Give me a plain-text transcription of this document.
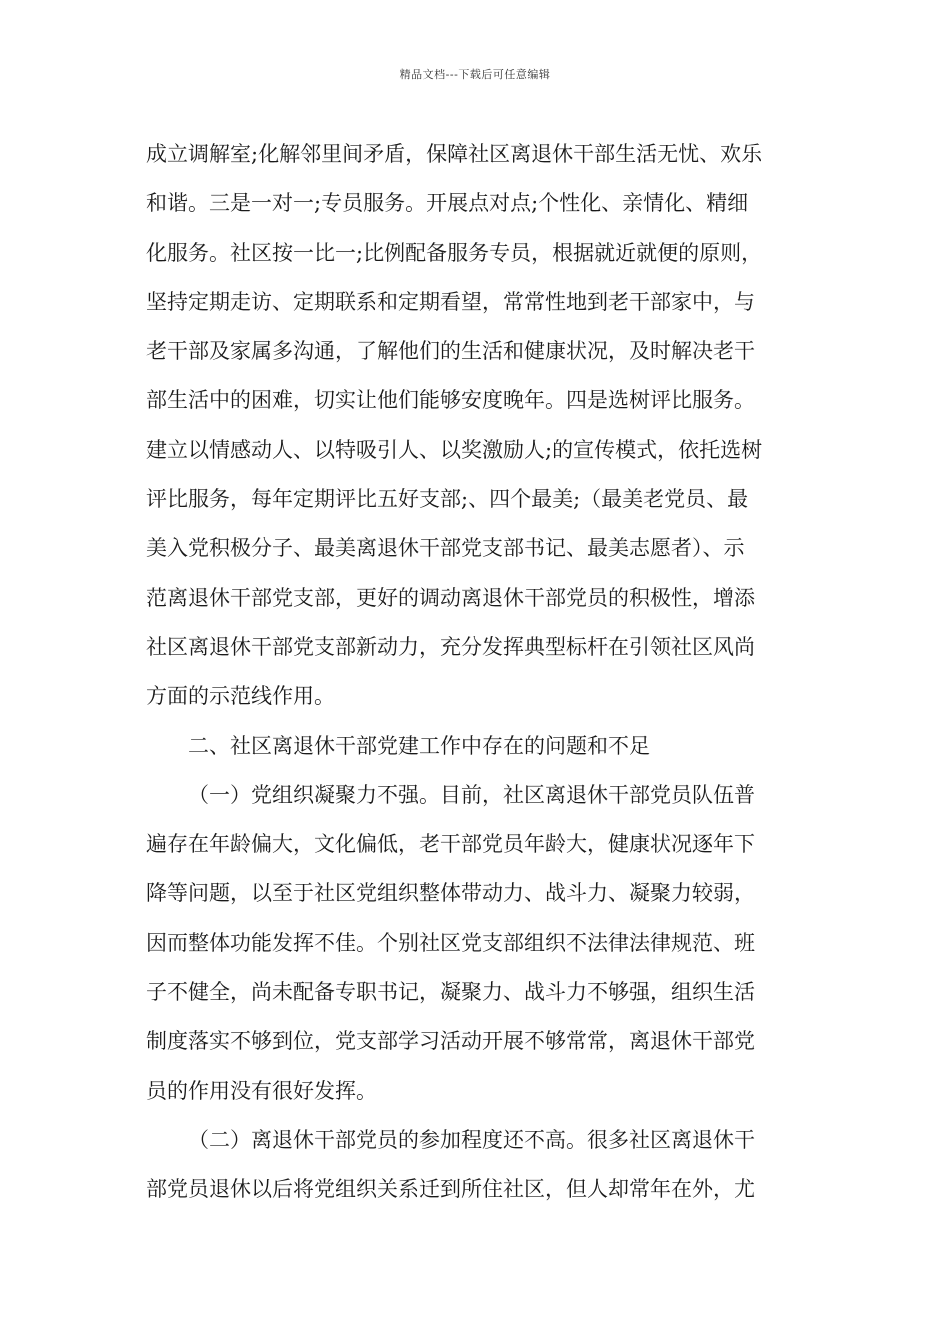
精品文档---下载后可任意编辑
成立调解室;化解邻里间矛盾，保障社区离退休干部生活无忧、欢乐
和谐。三是一对一;专员服务。开展点对点;个性化、亲情化、精细
化服务。社区按一比一;比例配备服务专员，根据就近就便的原则，
坚持定期走访、定期联系和定期看望，常常性地到老干部家中，与
老干部及家属多沟通，了解他们的生活和健康状况，及时解决老干
部生活中的困难，切实让他们能够安度晚年。四是选树评比服务。
建立以情感动人、以特吸引人、以奖激励人;的宣传模式，依托选树
评比服务，每年定期评比五好支部;、四个最美;（最美老党员、最
美入党积极分子、最美离退休干部党支部书记、最美志愿者）、示
范离退休干部党支部，更好的调动离退休干部党员的积极性，增添
社区离退休干部党支部新动力，充分发挥典型标杆在引领社区风尚
方面的示范线作用。
二、社区离退休干部党建工作中存在的问题和不足
（一）党组织凝聚力不强。目前，社区离退休干部党员队伍普
遍存在年龄偏大，文化偏低，老干部党员年龄大，健康状况逐年下
降等问题，以至于社区党组织整体带动力、战斗力、凝聚力较弱，
因而整体功能发挥不佳。个别社区党支部组织不法律法律规范、班
子不健全，尚未配备专职书记，凝聚力、战斗力不够强，组织生活
制度落实不够到位，党支部学习活动开展不够常常，离退休干部党
员的作用没有很好发挥。
（二）离退休干部党员的参加程度还不高。很多社区离退休干
部党员退休以后将党组织关系迁到所住社区，但人却常年在外，尤
